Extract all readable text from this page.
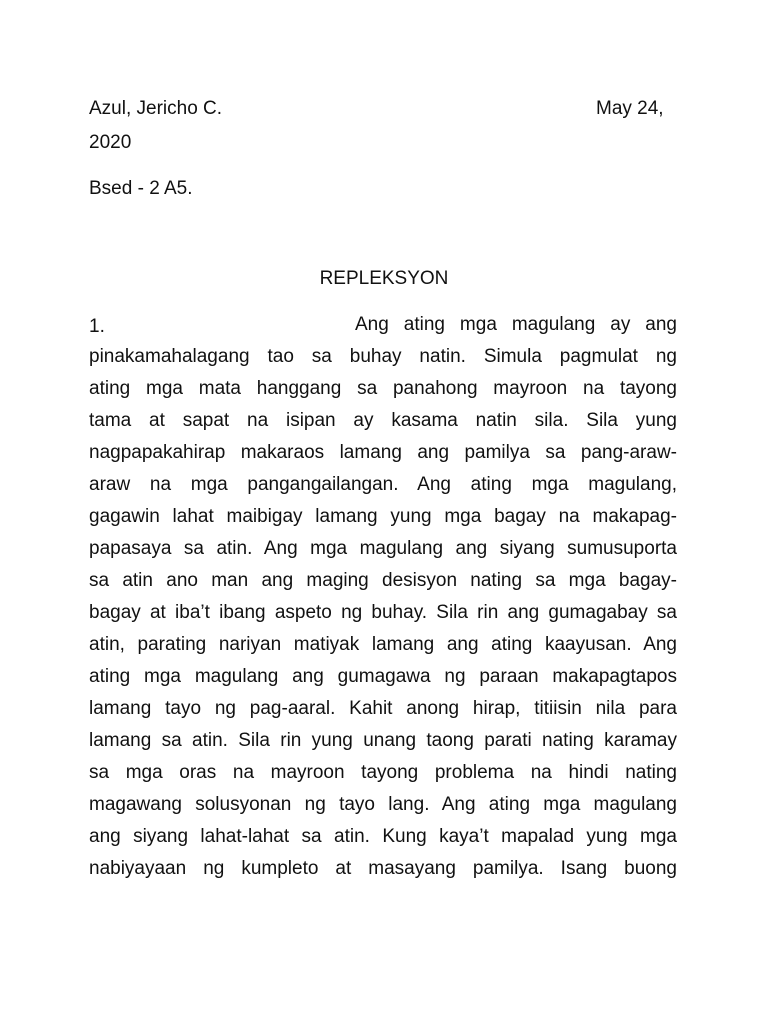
Azul, Jericho C.	May 24,
2020
Bsed - 2 A5.
REPLEKSYON
1.	Ang ating mga magulang ay ang
pinakamahalagang tao sa buhay natin. Simula pagmulat ng
ating mga mata hanggang sa panahong mayroon na tayong
tama at sapat na isipan ay kasama natin sila. Sila yung
nagpapakahirap makaraos lamang ang pamilya sa pang-araw-
araw na mga pangangailangan. Ang ating mga magulang,
gagawin lahat maibigay lamang yung mga bagay na makapag-
papasaya sa atin. Ang mga magulang ang siyang sumusuporta
sa atin ano man ang maging desisyon nating sa mga bagay-
bagay at iba’t ibang aspeto ng buhay. Sila rin ang gumagabay sa
atin, parating nariyan matiyak lamang ang ating kaayusan. Ang
ating mga magulang ang gumagawa ng paraan makapagtapos
lamang tayo ng pag-aaral. Kahit anong hirap, titiisin nila para
lamang sa atin. Sila rin yung unang taong parati nating karamay
sa mga oras na mayroon tayong problema na hindi nating
magawang solusyonan ng tayo lang. Ang ating mga magulang
ang siyang lahat-lahat sa atin. Kung kaya’t mapalad yung mga
nabiyayaan ng kumpleto at masayang pamilya. Isang buong
